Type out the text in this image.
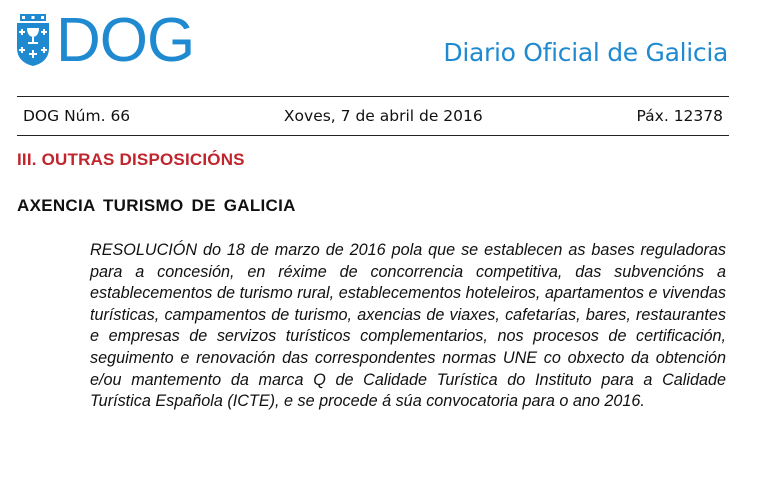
DOG	Diario Oficial de Galicia
DOG Núm. 66	Xoves, 7 de abril de 2016	Páx. 12378
III. OUTRAS DISPOSICIÓNS
AXENCIA TURISMO DE GALICIA

RESOLUCIÓN do 18 de marzo de 2016 pola que se establecen as bases reguladoras para a concesión, en réxime de concorrencia competitiva, das subvencións a establecementos de turismo rural, establecementos hoteleiros, apartamentos e vivendas turísticas, campamentos de turismo, axencias de viaxes, cafetarías, bares, restaurantes e empresas de servizos turísticos complementarios, nos procesos de certificación, seguimento e renovación das correspondentes normas UNE co obxecto da obtención e/ou mantemento da marca Q de Calidade Turística do Instituto para a Calidade Turística Española (ICTE), e se procede á súa convocatoria para o ano 2016.
